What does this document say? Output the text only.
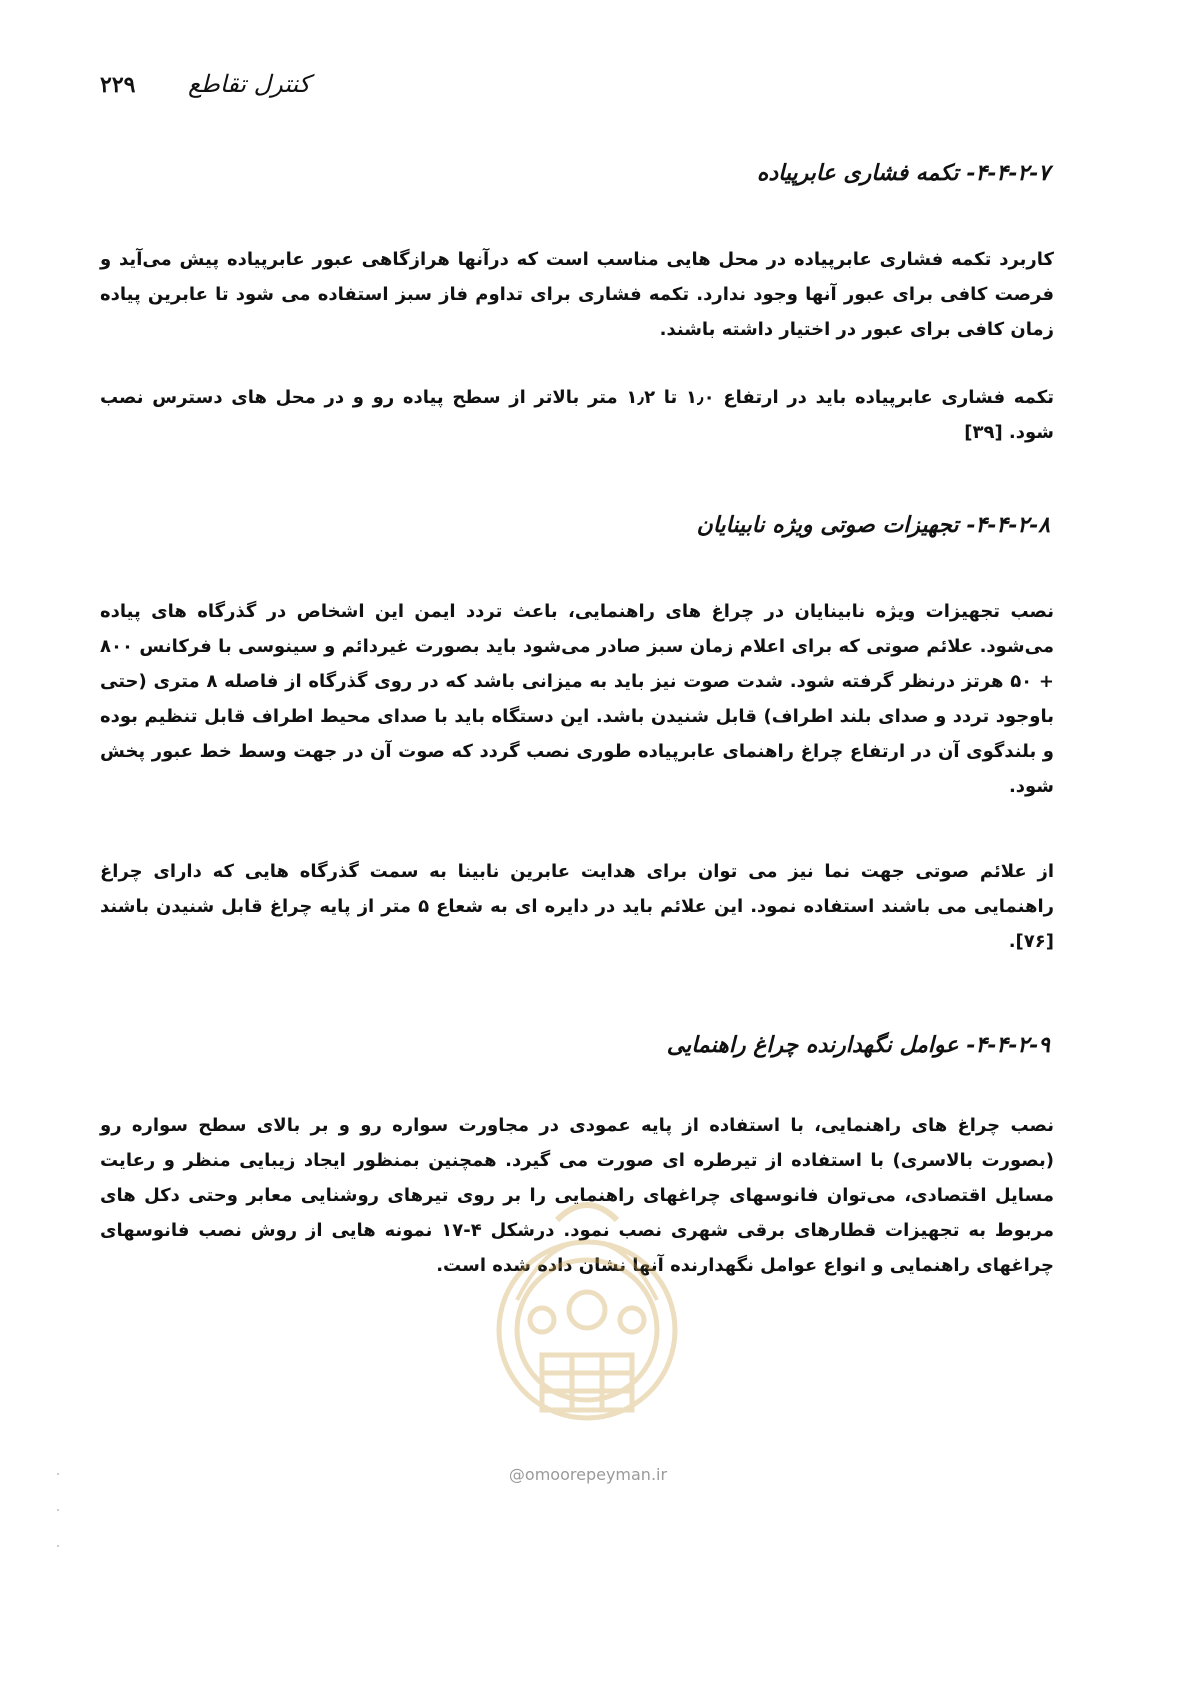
۲۲۹	کنترل تقاطع
۴-۴-۲-۷- تکمه فشاری عابرپیاده

کاربرد تکمه فشاری عابرپیاده در محل هایی مناسب است که درآنها هرازگاهی عبور عابرپیاده پیش می‌آید و فرصت کافی برای عبور آنها وجود ندارد. تکمه فشاری برای تداوم فاز سبز استفاده می شود تا عابرین پیاده زمان کافی برای عبور در اختیار داشته باشند.

تکمه فشاری عابرپیاده باید در ارتفاع ۱٫۰ تا ۱٫۲ متر بالاتر از سطح پیاده رو و در محل های دسترس نصب شود. [۳۹]

۴-۴-۲-۸- تجهیزات صوتی ویژه نابینایان

نصب تجهیزات ویژه نابینایان در چراغ های راهنمایی، باعث تردد ایمن این اشخاص در گذرگاه های پیاده می‌شود. علائم صوتی که برای اعلام زمان سبز صادر می‌شود باید بصورت غیردائم و سینوسی با فرکانس ۸۰۰ + ۵۰ هرتز درنظر گرفته شود. شدت صوت نیز باید به میزانی باشد که در روی گذرگاه از فاصله ۸ متری (حتی باوجود تردد و صدای بلند اطراف) قابل شنیدن باشد. این دستگاه باید با صدای محیط اطراف قابل تنظیم بوده و بلندگوی آن در ارتفاع چراغ راهنمای عابرپیاده طوری نصب گردد که صوت آن در جهت وسط خط عبور پخش شود.

از علائم صوتی جهت نما نیز می توان برای هدایت عابرین نابینا به سمت گذرگاه هایی که دارای چراغ راهنمایی می باشند استفاده نمود. این علائم باید در دایره ای به شعاع ۵ متر از پایه چراغ قابل شنیدن باشند [۷۶].

۴-۴-۲-۹- عوامل نگهدارنده چراغ راهنمایی

نصب چراغ های راهنمایی، با استفاده از پایه عمودی در مجاورت سواره رو و بر بالای سطح سواره رو (بصورت بالاسری) با استفاده از تیرطره ای صورت می گیرد. همچنین بمنظور ایجاد زیبایی منظر و رعایت مسایل اقتصادی، می‌توان فانوسهای چراغهای راهنمایی را بر روی تیرهای روشنایی معابر وحتی دکل های مربوط به تجهیزات قطارهای برقی شهری نصب نمود. درشکل ۴-۱۷ نمونه هایی از روش نصب فانوسهای چراغهای راهنمایی و انواع عوامل نگهدارنده آنها نشان داده شده است.

@omoorepeyman.ir
